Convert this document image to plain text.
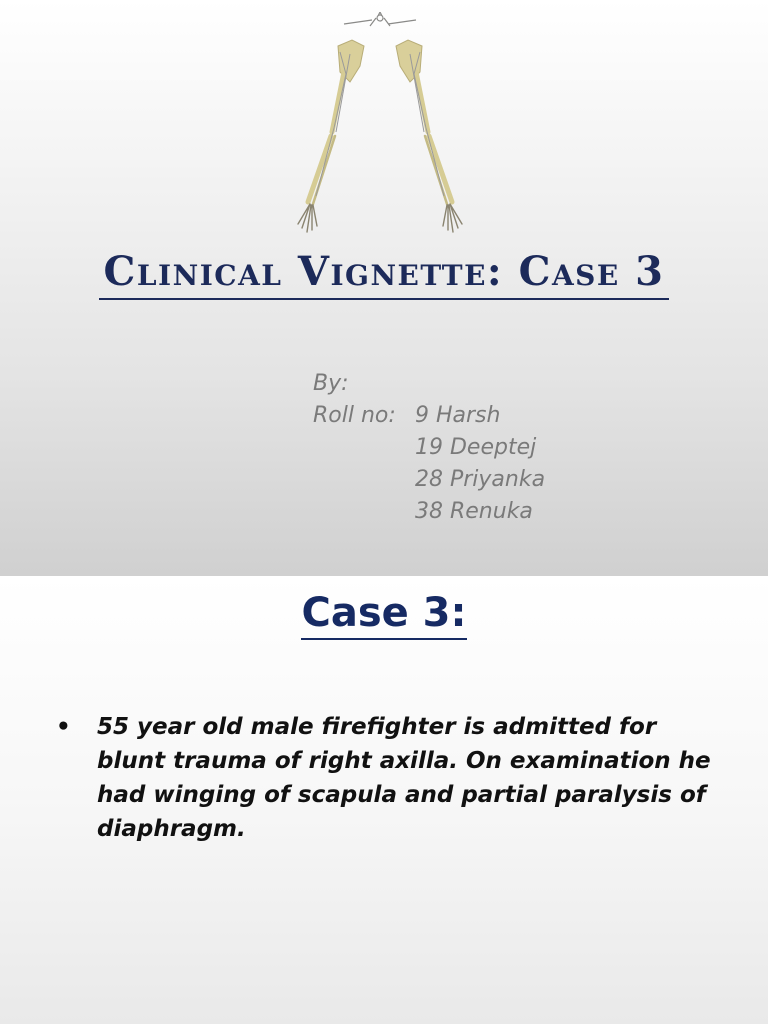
Clinical Vignette: Case 3
By:
Roll no: 9 Harsh
19 Deeptej
28 Priyanka
38 Renuka
Case 3:
• 55 year old male firefighter is admitted for blunt trauma of right axilla. On examination he had winging of scapula and partial paralysis of diaphragm.
